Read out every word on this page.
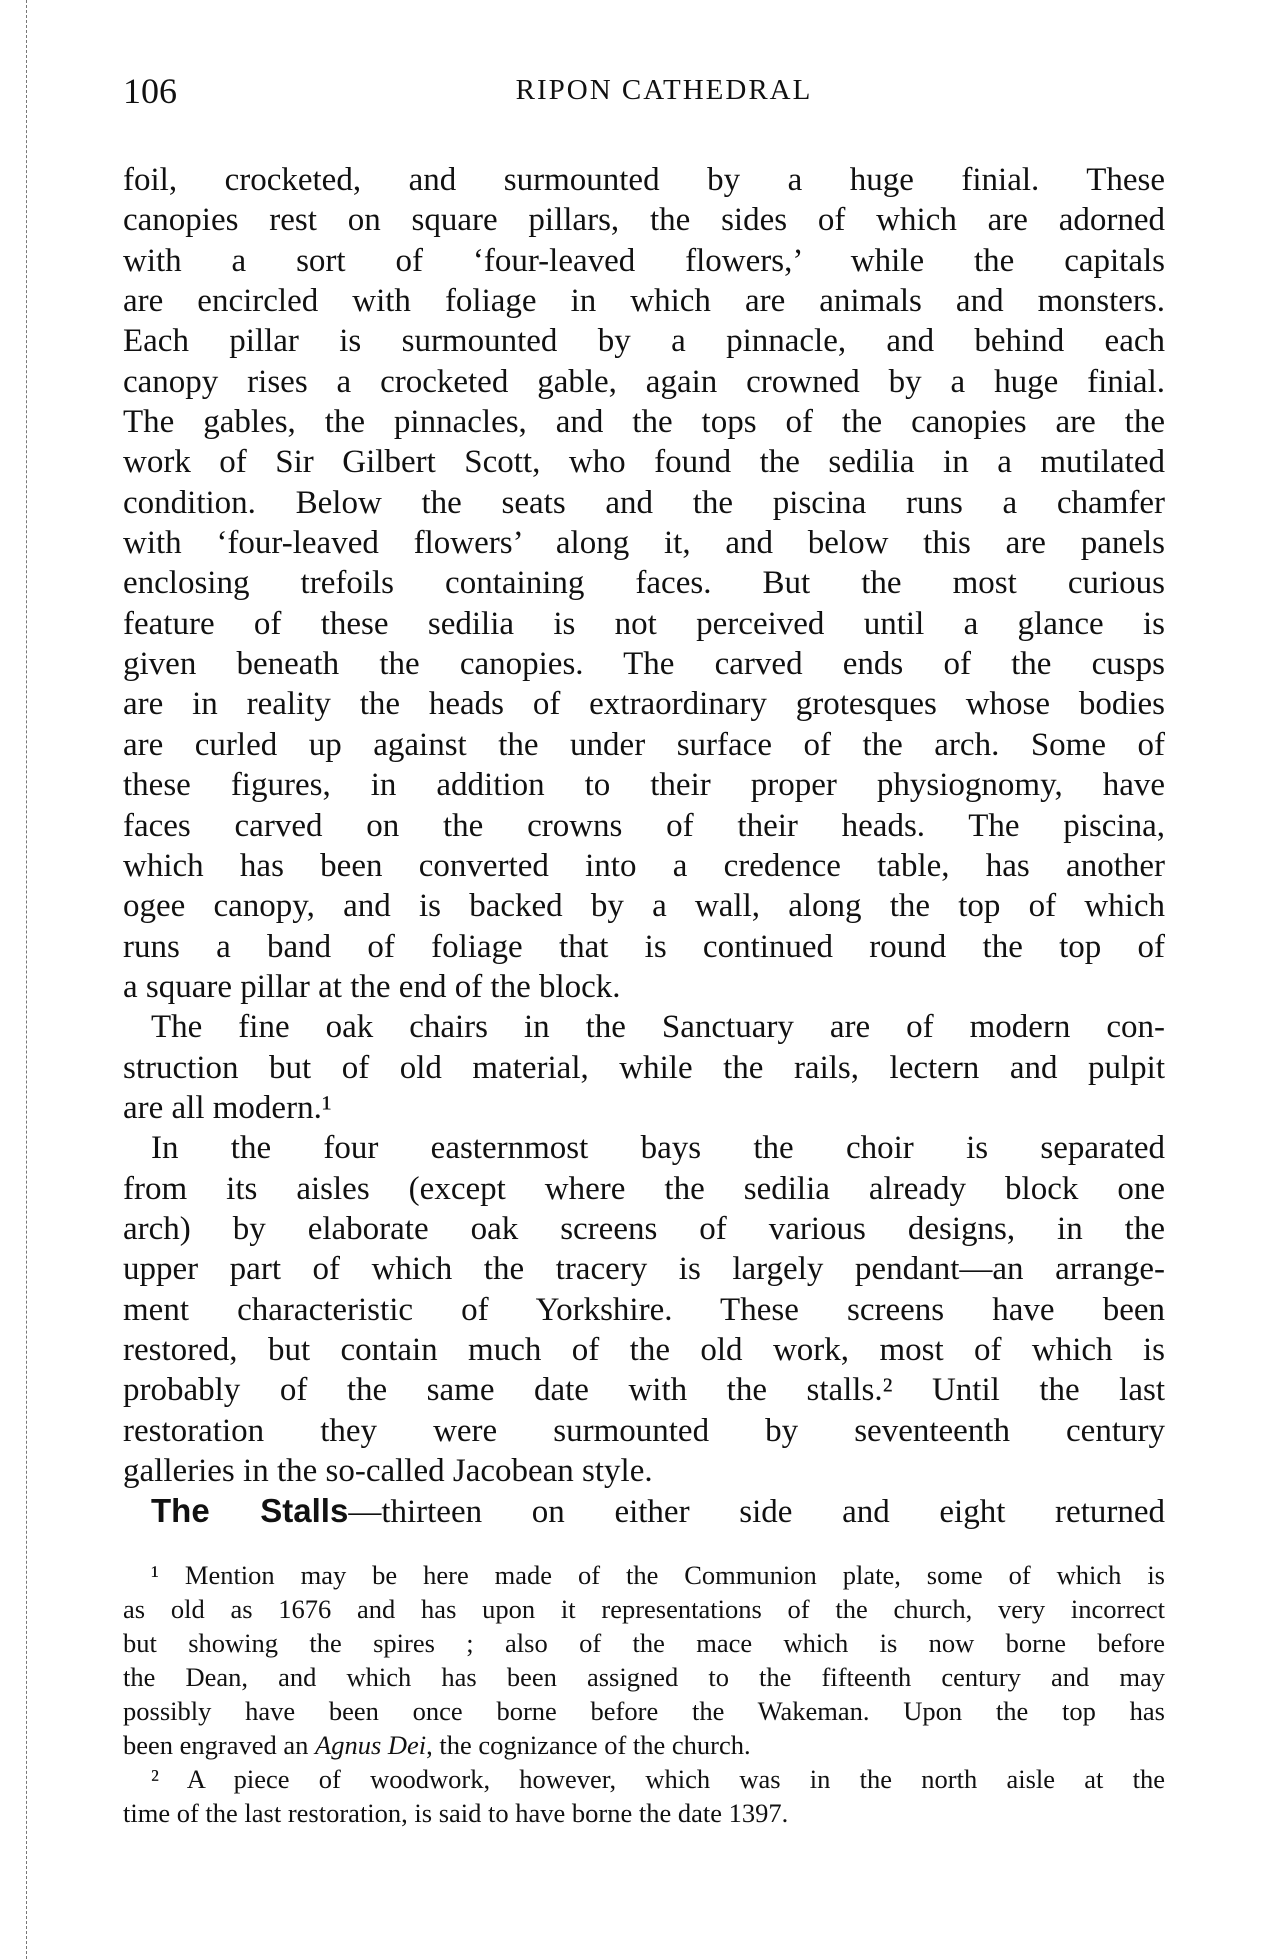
106	RIPON CATHEDRAL
foil, crocketed, and surmounted by a huge finial. These
canopies rest on square pillars, the sides of which are adorned
with a sort of ‘four-leaved flowers,’ while the capitals
are encircled with foliage in which are animals and monsters.
Each pillar is surmounted by a pinnacle, and behind each
canopy rises a crocketed gable, again crowned by a huge finial.
The gables, the pinnacles, and the tops of the canopies are the
work of Sir Gilbert Scott, who found the sedilia in a mutilated
condition. Below the seats and the piscina runs a chamfer
with ‘four-leaved flowers’ along it, and below this are panels
enclosing trefoils containing faces. But the most curious
feature of these sedilia is not perceived until a glance is
given beneath the canopies. The carved ends of the cusps
are in reality the heads of extraordinary grotesques whose bodies
are curled up against the under surface of the arch. Some of
these figures, in addition to their proper physiognomy, have
faces carved on the crowns of their heads. The piscina,
which has been converted into a credence table, has another
ogee canopy, and is backed by a wall, along the top of which
runs a band of foliage that is continued round the top of
a square pillar at the end of the block.
The fine oak chairs in the Sanctuary are of modern con-
struction but of old material, while the rails, lectern and pulpit
are all modern.¹
In the four easternmost bays the choir is separated
from its aisles (except where the sedilia already block one
arch) by elaborate oak screens of various designs, in the
upper part of which the tracery is largely pendant—an arrange-
ment characteristic of Yorkshire. These screens have been
restored, but contain much of the old work, most of which is
probably of the same date with the stalls.² Until the last
restoration they were surmounted by seventeenth century
galleries in the so-called Jacobean style.
The Stalls—thirteen on either side and eight returned
¹ Mention may be here made of the Communion plate, some of which is
as old as 1676 and has upon it representations of the church, very incorrect
but showing the spires ; also of the mace which is now borne before
the Dean, and which has been assigned to the fifteenth century and may
possibly have been once borne before the Wakeman. Upon the top has
been engraved an Agnus Dei, the cognizance of the church.
² A piece of woodwork, however, which was in the north aisle at the
time of the last restoration, is said to have borne the date 1397.
